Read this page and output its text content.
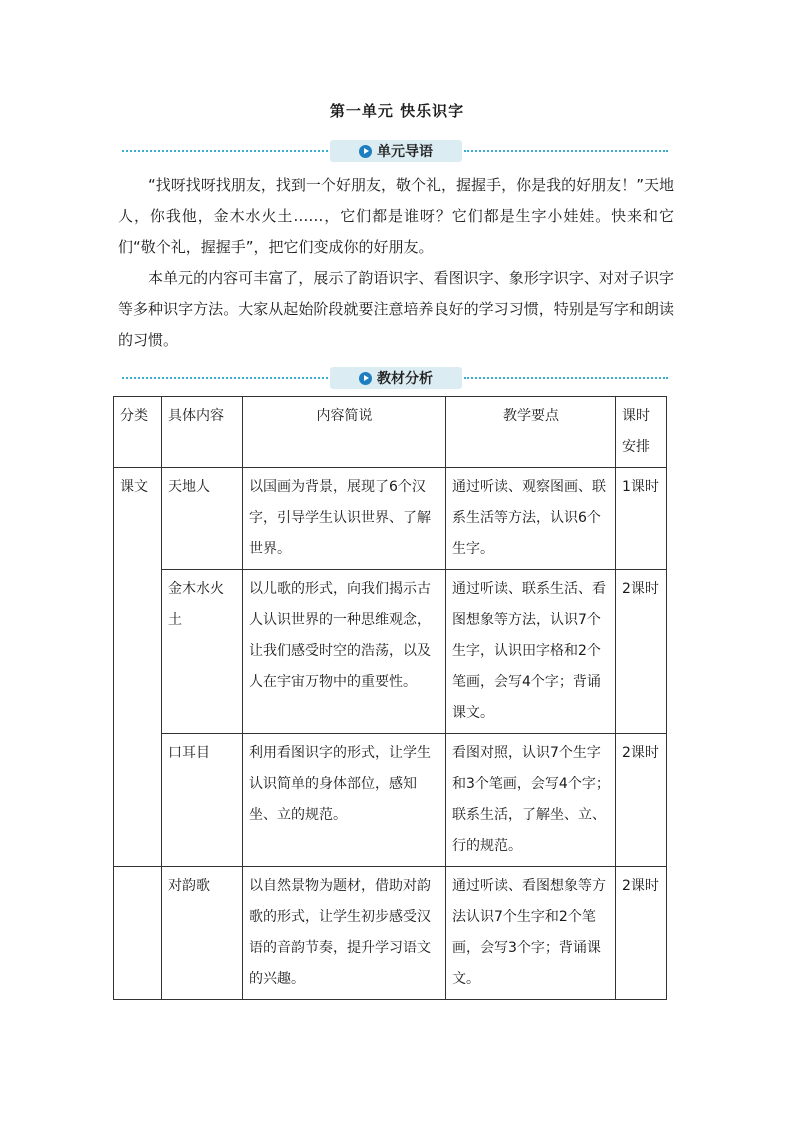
第一单元 快乐识字
单元导语

“找呀找呀找朋友，找到一个好朋友，敬个礼，握握手，你是我的好朋友！”天地人，你我他，金木水火土……，它们都是谁呀？它们都是生字小娃娃。快来和它们“敬个礼，握握手”，把它们变成你的好朋友。

本单元的内容可丰富了，展示了韵语识字、看图识字、象形字识字、对对子识字等多种识字方法。大家从起始阶段就要注意培养良好的学习习惯，特别是写字和朗读的习惯。

教材分析
分类	具体内容	内容简说	教学要点	课时安排
课文	天地人	以国画为背景，展现了6个汉字，引导学生认识世界、了解世界。	通过听读、观察图画、联系生活等方法，认识6个生字。	1课时
	金木水火土	以儿歌的形式，向我们揭示古人认识世界的一种思维观念，让我们感受时空的浩荡，以及人在宇宙万物中的重要性。	通过听读、联系生活、看图想象等方法，认识7个生字，认识田字格和2个笔画，会写4个字；背诵课文。	2课时
	口耳目	利用看图识字的形式，让学生认识简单的身体部位，感知坐、立的规范。	看图对照，认识7个生字和3个笔画，会写4个字；联系生活，了解坐、立、行的规范。	2课时
	对韵歌	以自然景物为题材，借助对韵歌的形式，让学生初步感受汉语的音韵节奏，提升学习语文的兴趣。	通过听读、看图想象等方法认识7个生字和2个笔画，会写3个字；背诵课文。	2课时
